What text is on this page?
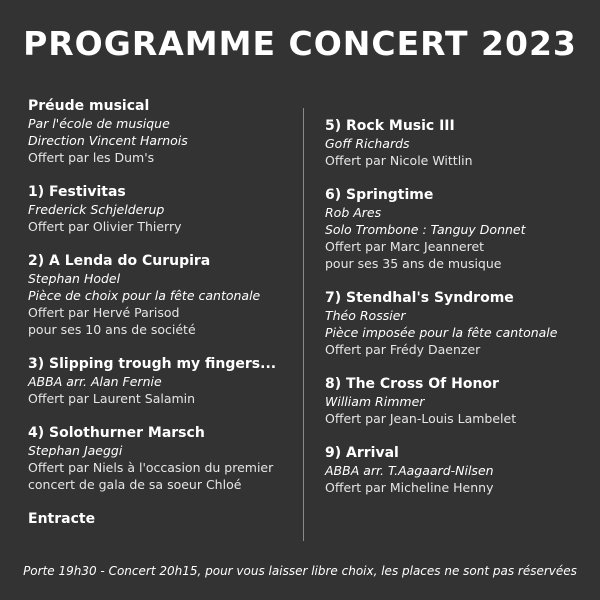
PROGRAMME CONCERT 2023
Préude musical
Par l'école de musique
Direction Vincent Harnois
Offert par les Dum's
1) Festivitas
Frederick Schjelderup
Offert par Olivier Thierry
2) A Lenda do Curupira
Stephan Hodel
Pièce de choix pour la fête cantonale
Offert par Hervé Parisod
pour ses 10 ans de société
3) Slipping trough my fingers...
ABBA arr. Alan Fernie
Offert par Laurent Salamin
4) Solothurner Marsch
Stephan Jaeggi
Offert par Niels à l'occasion du premier
concert de gala de sa soeur Chloé
Entracte
5) Rock Music III
Goff Richards
Offert par Nicole Wittlin
6) Springtime
Rob Ares
Solo Trombone : Tanguy Donnet
Offert par Marc Jeanneret
pour ses 35 ans de musique
7) Stendhal's Syndrome
Théo Rossier
Pièce imposée pour la fête cantonale
Offert par Frédy Daenzer
8) The Cross Of Honor
William Rimmer
Offert par Jean-Louis Lambelet
9) Arrival
ABBA arr. T.Aagaard-Nilsen
Offert par Micheline Henny
Porte 19h30 - Concert 20h15, pour vous laisser libre choix, les places ne sont pas réservées
